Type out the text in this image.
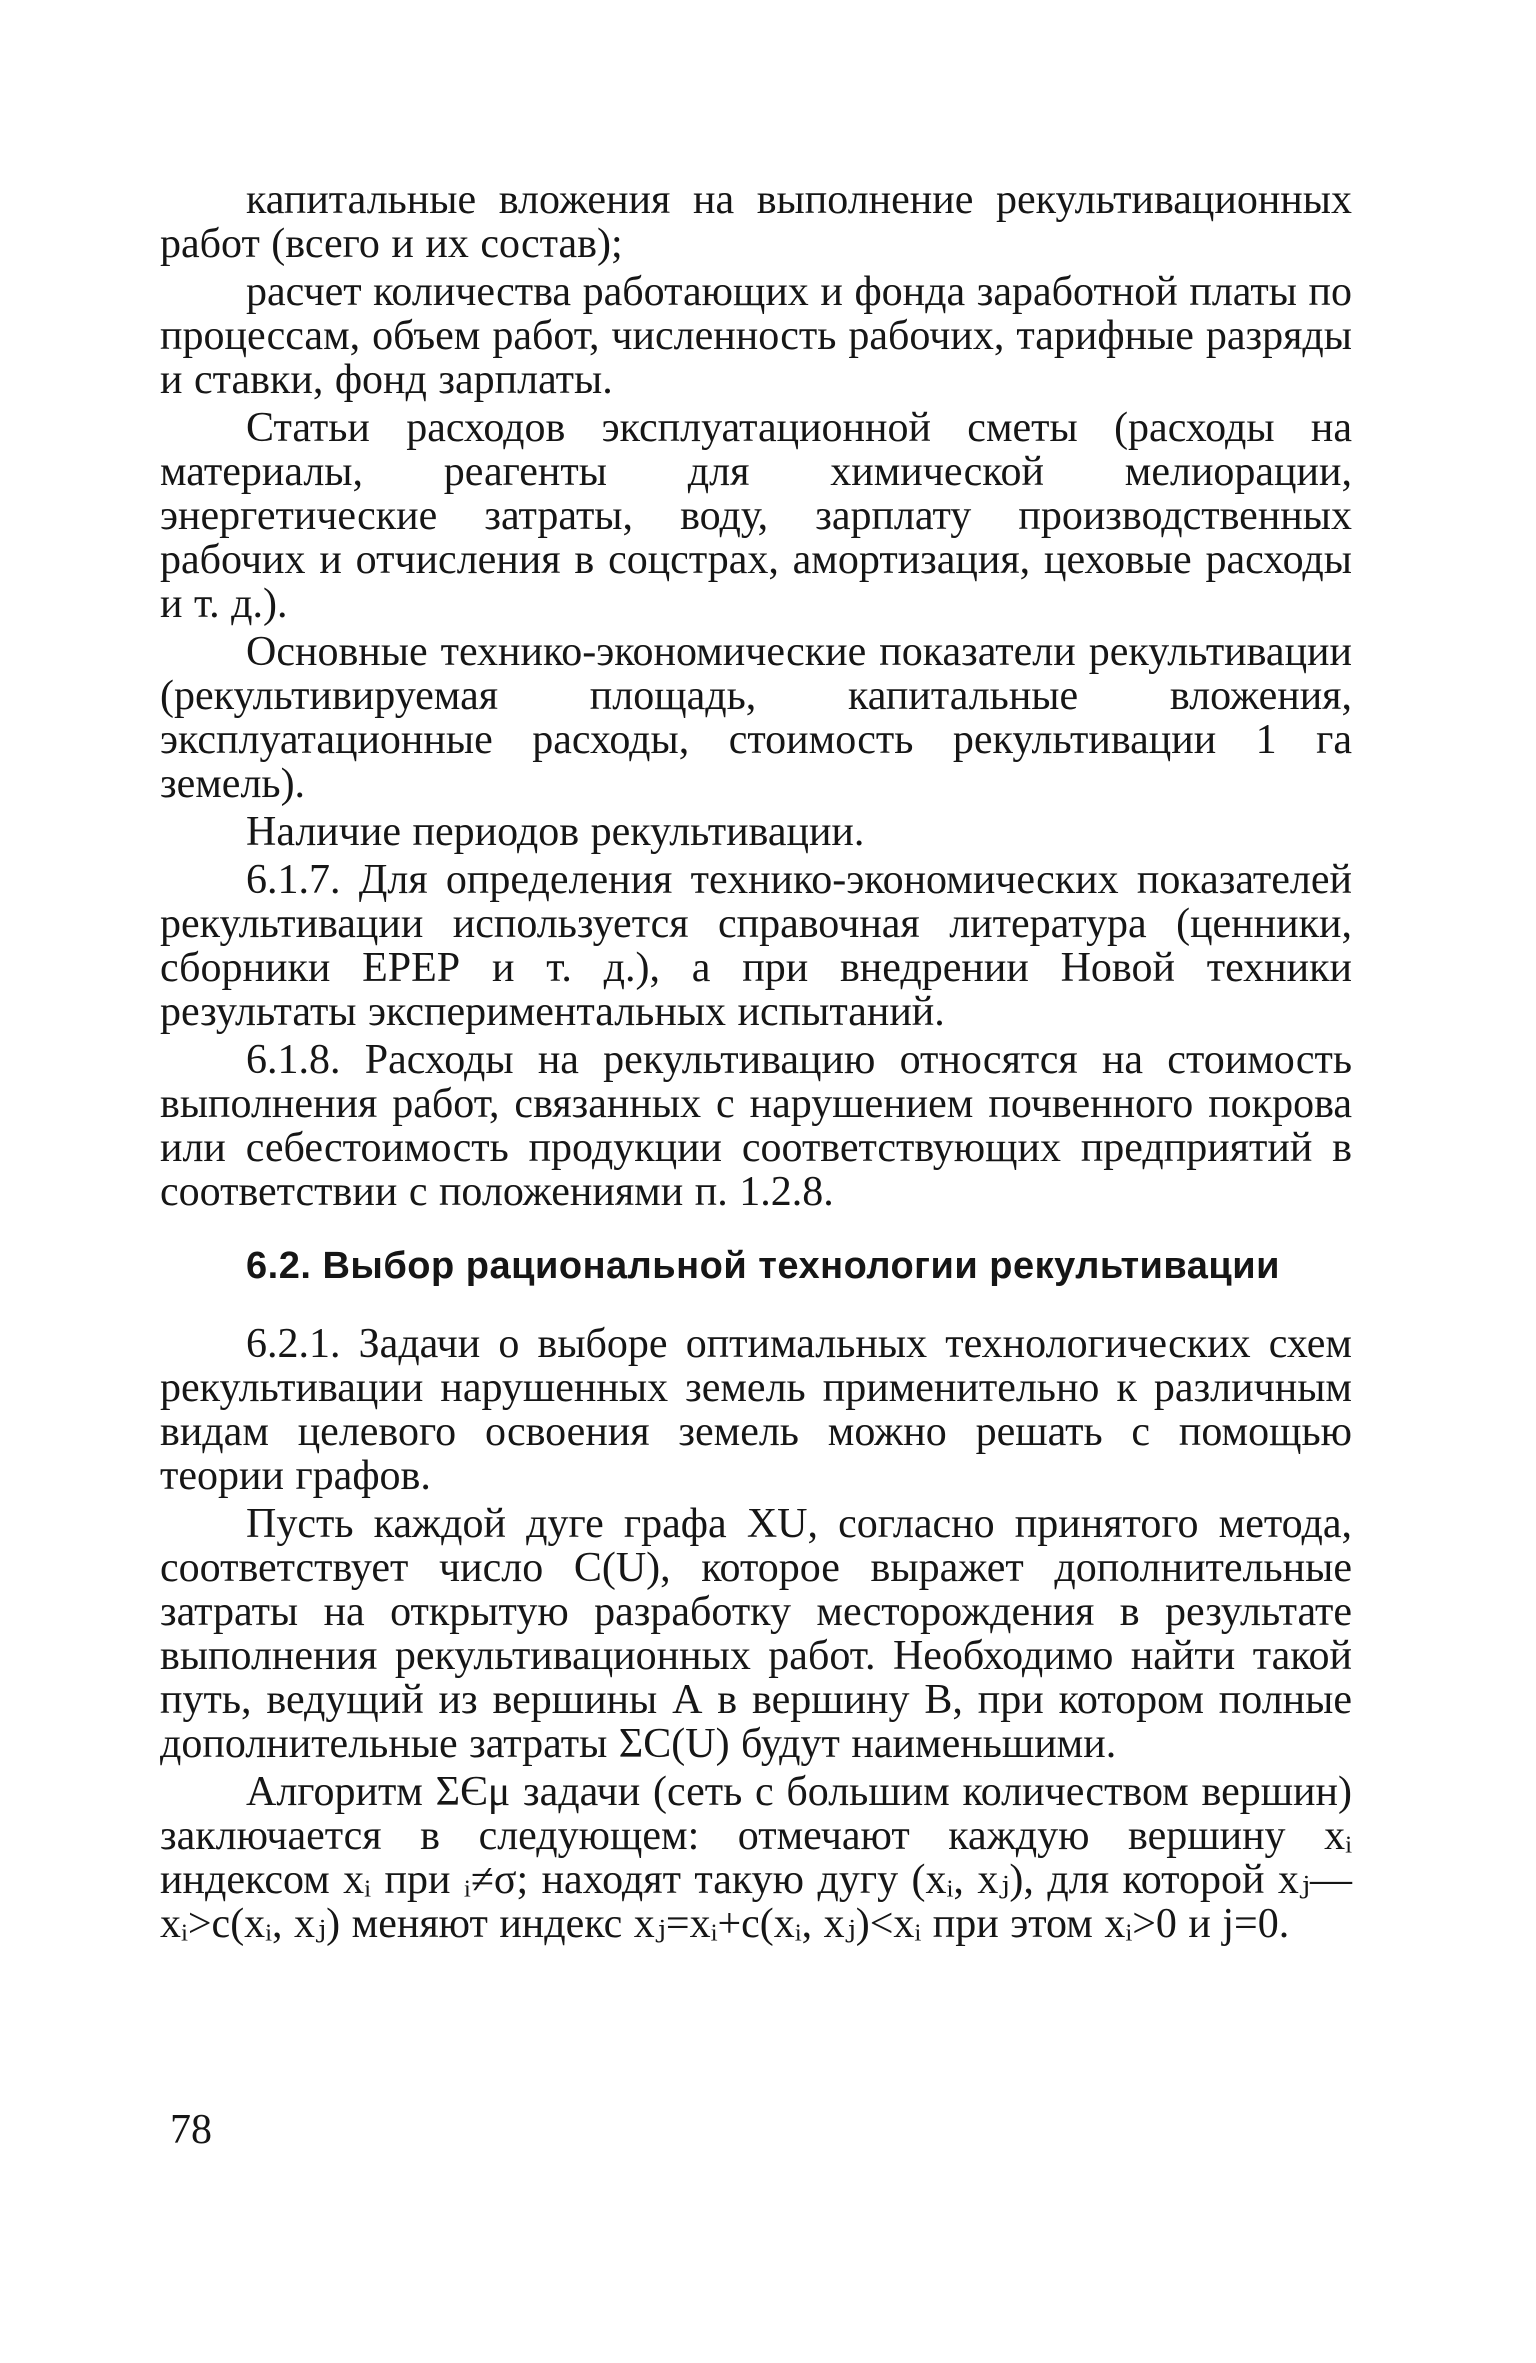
капитальные вложения на выполнение рекультивационных работ (всего и их состав);

расчет количества работающих и фонда заработной платы по процессам, объем работ, численность рабочих, тарифные разряды и ставки, фонд зарплаты.

Статьи расходов эксплуатационной сметы (расходы на материалы, реагенты для химической мелиорации, энергетические затраты, воду, зарплату производственных рабочих и отчисления в соцстрах, амортизация, цеховые расходы и т. д.).

Основные технико-экономические показатели рекультивации (рекультивируемая площадь, капитальные вложения, эксплуатационные расходы, стоимость рекультивации 1 га земель).

Наличие периодов рекультивации.

6.1.7. Для определения технико-экономических показателей рекультивации используется справочная литература (ценники, сборники ЕРЕР и т. д.), а при внедрении Новой техники результаты экспериментальных испытаний.

6.1.8. Расходы на рекультивацию относятся на стоимость выполнения работ, связанных с нарушением почвенного покрова или себестоимость продукции соответствующих предприятий в соответствии с положениями п. 1.2.8.

6.2. Выбор рациональной технологии рекультивации

6.2.1. Задачи о выборе оптимальных технологических схем рекультивации нарушенных земель применительно к различным видам целевого освоения земель можно решать с помощью теории графов.

Пусть каждой дуге графа XU, согласно принятого метода, соответствует число C(U), которое выражет дополнительные затраты на открытую разработку месторождения в результате выполнения рекультивационных работ. Необходимо найти такой путь, ведущий из вершины А в вершину В, при котором полные дополнительные затраты ΣC(U) будут наименьшими.

Алгоритм ΣЄμ задачи (сеть с большим количеством вершин) заключается в следующем: отмечают каждую вершину xᵢ индексом xᵢ при ᵢ≠σ; находят такую дугу (xᵢ, xⱼ), для которой xⱼ—xᵢ>c(xᵢ, xⱼ) меняют индекс xⱼ=xᵢ+c(xᵢ, xⱼ)<xᵢ при этом xᵢ>0 и j=0.

78
